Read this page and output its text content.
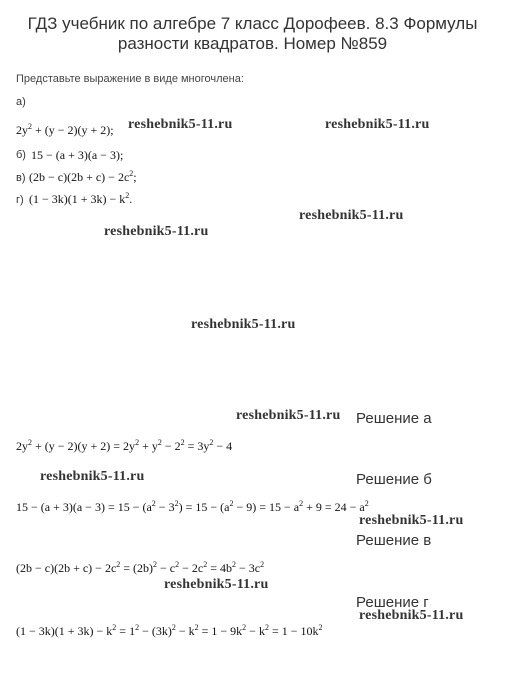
ГДЗ учебник по алгебре 7 класс Дорофеев. 8.3 Формулы
разности квадратов. Номер №859
Представьте выражение в виде многочлена:
а)
$2y^2 + (y - 2)(y + 2)$;
б) 15 − (a + 3)(a − 3);
в) $(2b - c)(2b + c) - 2c^2$;
г) $(1 - 3k)(1 + 3k) - k^2$.
reshebnik5-11.ru	reshebnik5-11.ru
reshebnik5-11.ru
reshebnik5-11.ru
reshebnik5-11.ru
reshebnik5-11.ru
reshebnik5-11.ru
reshebnik5-11.ru
reshebnik5-11.ru
reshebnik5-11.ru
Решение а
$2y^2 + (y - 2)(y + 2) = 2y^2 + y^2 - 2^2 = 3y^2 - 4$
Решение б
$15 - (a + 3)(a - 3) = 15 - (a^2 - 3^2) = 15 - (a^2 - 9) = 15 - a^2 + 9 = 24 - a^2$
Решение в
$(2b - c)(2b + c) - 2c^2 = (2b)^2 - c^2 - 2c^2 = 4b^2 - 3c^2$
Решение г
$(1 - 3k)(1 + 3k) - k^2 = 1^2 - (3k)^2 - k^2 = 1 - 9k^2 - k^2 = 1 - 10k^2$
